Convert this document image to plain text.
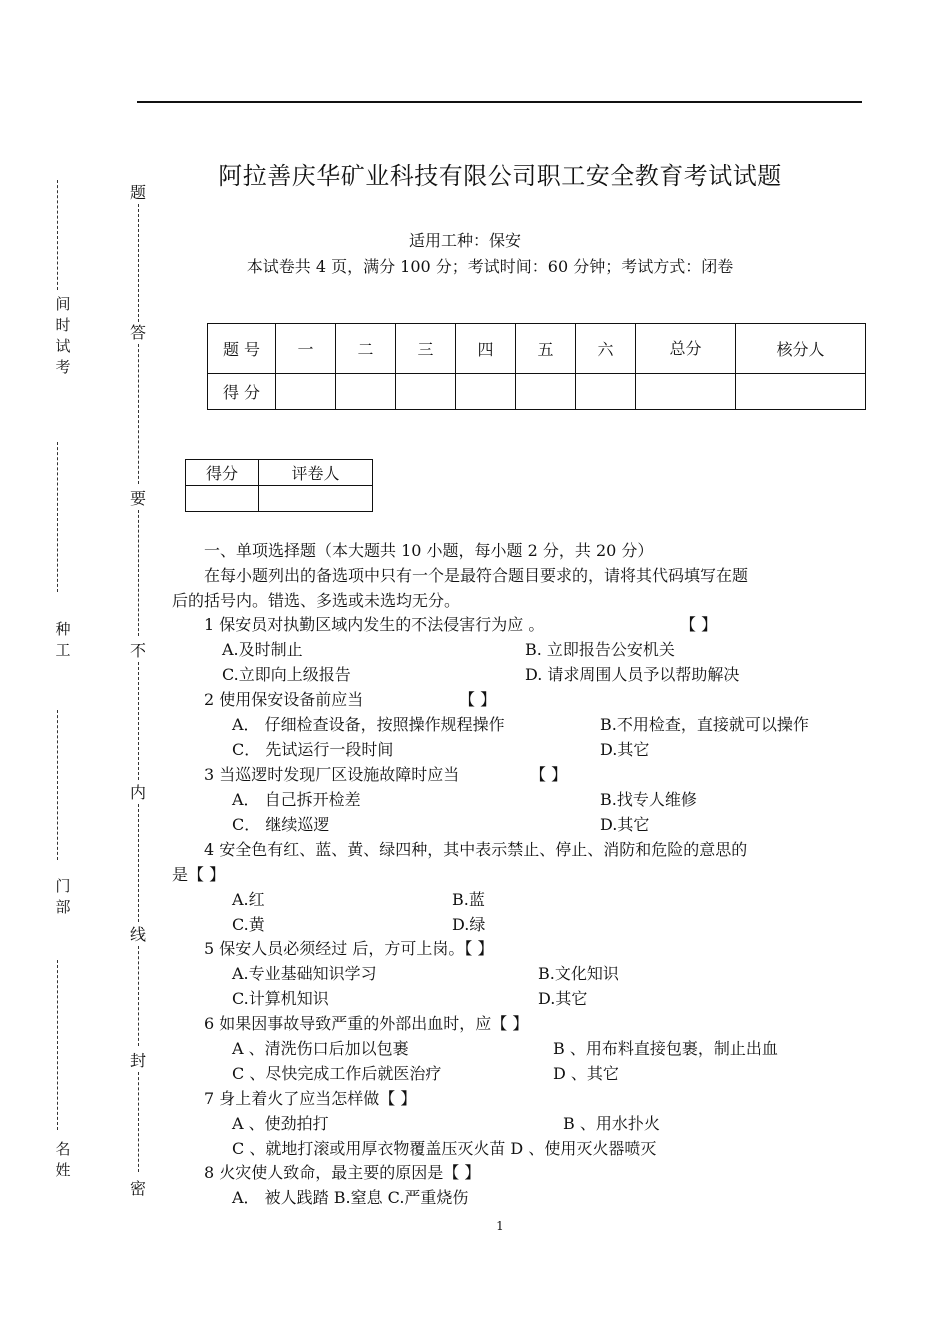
阿拉善庆华矿业科技有限公司职工安全教育考试试题
适用工种：保安
本试卷共 4 页，满分 100 分；考试时间：60 分钟；考试方式：闭卷
间
时
试
考
种
工
门
部
名
姓
题
答
要
不
内
线
封
密
题 号	一	二	三	四	五	六	总分	核分人
得 分								
得分	评卷人

一、单项选择题（本大题共 10 小题，每小题 2 分，共 20 分）
在每小题列出的备选项中只有一个是最符合题目要求的，请将其代码填写在题
后的括号内。错选、多选或未选均无分。
1 保安员对执勤区域内发生的不法侵害行为应 。	【 】
A.及时制止	B. 立即报告公安机关
C.立即向上级报告	D. 请求周围人员予以帮助解决
2 使用保安设备前应当	【 】
A． 仔细检查设备，按照操作规程操作	B.不用检查，直接就可以操作
C． 先试运行一段时间	D.其它
3 当巡逻时发现厂区设施故障时应当	【 】
A． 自己拆开检差	B.找专人维修
C． 继续巡逻	D.其它
4 安全色有红、蓝、黄、绿四种，其中表示禁止、停止、消防和危险的意思的
是【 】
A.红	B.蓝
C.黄	D.绿
5 保安人员必须经过 后，方可上岗。【 】
A.专业基础知识学习	B.文化知识
C.计算机知识	D.其它
6 如果因事故导致严重的外部出血时，应【 】
A 、清洗伤口后加以包裹	B 、用布料直接包裹，制止出血
C 、尽快完成工作后就医治疗	D 、其它
7 身上着火了应当怎样做【 】
A 、使劲拍打	B 、用水扑火
C 、就地打滚或用厚衣物覆盖压灭火苗 D 、使用灭火器喷灭
8 火灾使人致命，最主要的原因是【 】
A． 被人践踏 B.窒息 C.严重烧伤
1
